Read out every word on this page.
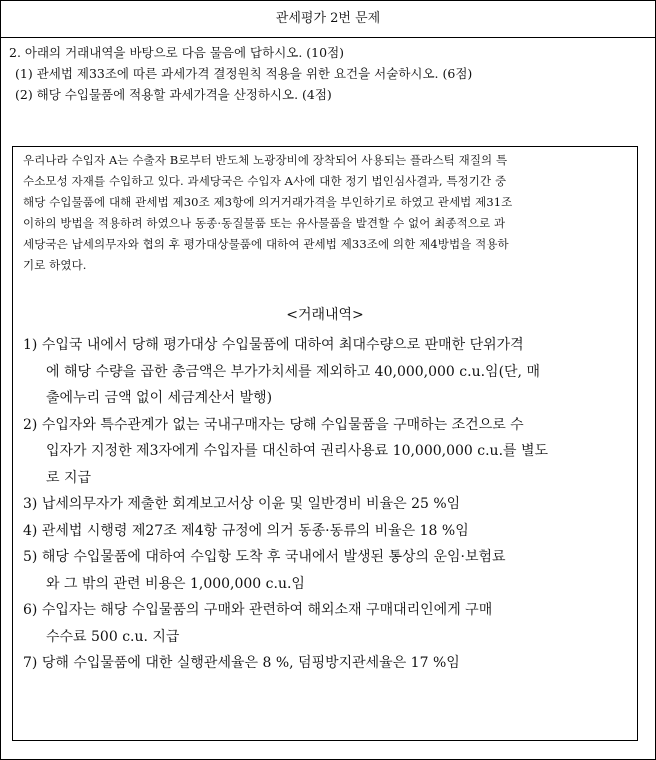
관세평가 2번 문제
2. 아래의 거래내역을 바탕으로 다음 물음에 답하시오. (10점)
(1) 관세법 제33조에 따른 과세가격 결정원칙 적용을 위한 요건을 서술하시오. (6점)
(2) 해당 수입물품에 적용할 과세가격을 산정하시오. (4점)
우리나라 수입자 A는 수출자 B로부터 반도체 노광장비에 장착되어 사용되는 플라스틱 재질의 특
수소모성 자재를 수입하고 있다. 과세당국은 수입자 A사에 대한 정기 법인심사결과, 특정기간 중
해당 수입물품에 대해 관세법 제30조 제3항에 의거거래가격을 부인하기로 하였고 관세법 제31조
이하의 방법을 적용하려 하였으나 동종·동질물품 또는 유사물품을 발견할 수 없어 최종적으로 과
세당국은 납세의무자와 협의 후 평가대상물품에 대하여 관세법 제33조에 의한 제4방법을 적용하
기로 하였다.
<거래내역>
1) 수입국 내에서 당해 평가대상 수입물품에 대하여 최대수량으로 판매한 단위가격
에 해당 수량을 곱한 총금액은 부가가치세를 제외하고 40,000,000 c.u.임(단, 매
출에누리 금액 없이 세금계산서 발행)
2) 수입자와 특수관계가 없는 국내구매자는 당해 수입물품을 구매하는 조건으로 수
입자가 지정한 제3자에게 수입자를 대신하여 권리사용료 10,000,000 c.u.를 별도
로 지급
3) 납세의무자가 제출한 회계보고서상 이윤 및 일반경비 비율은 25 %임
4) 관세법 시행령 제27조 제4항 규정에 의거 동종·동류의 비율은 18 %임
5) 해당 수입물품에 대하여 수입항 도착 후 국내에서 발생된 통상의 운임·보험료
와 그 밖의 관련 비용은 1,000,000 c.u.임
6) 수입자는 해당 수입물품의 구매와 관련하여 해외소재 구매대리인에게 구매
수수료 500 c.u. 지급
7) 당해 수입물품에 대한 실행관세율은 8 %, 덤핑방지관세율은 17 %임
